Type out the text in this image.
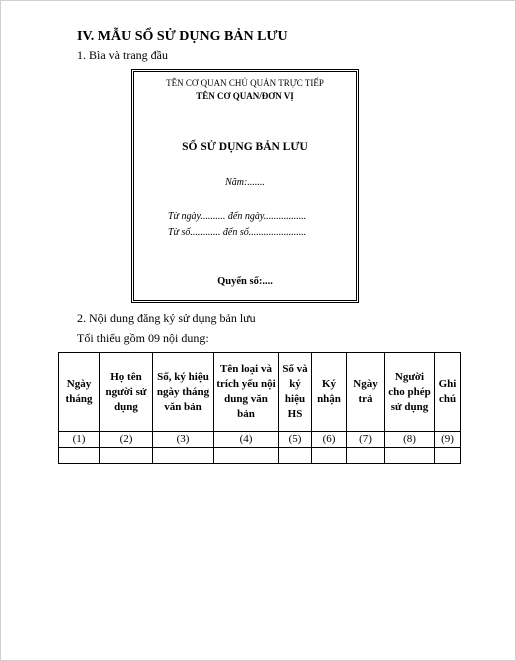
IV. MẪU SỔ SỬ DỤNG BẢN LƯU
1. Bìa và trang đầu
TÊN CƠ QUAN CHỦ QUẢN TRỰC TIẾP
TÊN CƠ QUAN/ĐƠN VỊ
SỔ SỬ DỤNG BẢN LƯU
Năm:.......
Từ ngày.......... đến ngày.................
Từ số............ đến số.......................
Quyển số:....
2. Nội dung đăng ký sử dụng bản lưu
Tối thiểu gồm 09 nội dung:
Ngày tháng	Họ tên người sử dụng	Số, ký hiệu ngày tháng văn bản	Tên loại và trích yếu nội dung văn bản	Số và ký hiệu HS	Ký nhận	Ngày trả	Người cho phép sử dụng	Ghi chú
(1)	(2)	(3)	(4)	(5)	(6)	(7)	(8)	(9)
